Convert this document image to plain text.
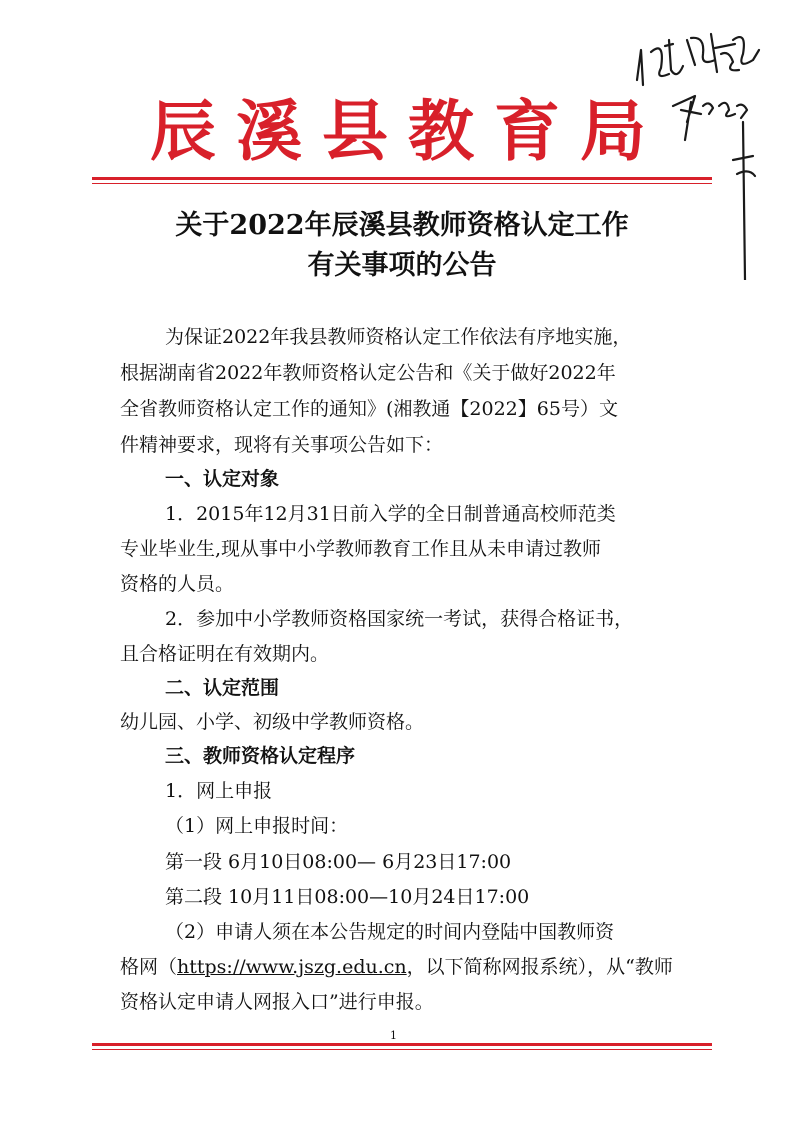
辰溪县教育局
关于2022年辰溪县教师资格认定工作
有关事项的公告
为保证2022年我县教师资格认定工作依法有序地实施，
根据湖南省2022年教师资格认定公告和《关于做好2022年
全省教师资格认定工作的通知》(湘教通【2022】65号）文
件精神要求，现将有关事项公告如下：
一、认定对象
1．2015年12月31日前入学的全日制普通高校师范类
专业毕业生,现从事中小学教师教育工作且从未申请过教师
资格的人员。
2．参加中小学教师资格国家统一考试，获得合格证书，
且合格证明在有效期内。
二、认定范围
幼儿园、小学、初级中学教师资格。
三、教师资格认定程序
1．网上申报
（1）网上申报时间：
第一段 6月10日08:00— 6月23日17:00
第二段 10月11日08:00—10月24日17:00
（2）申请人须在本公告规定的时间内登陆中国教师资
格网（https://www.jszg.edu.cn，以下简称网报系统），从“教师
资格认定申请人网报入口”进行申报。
1
